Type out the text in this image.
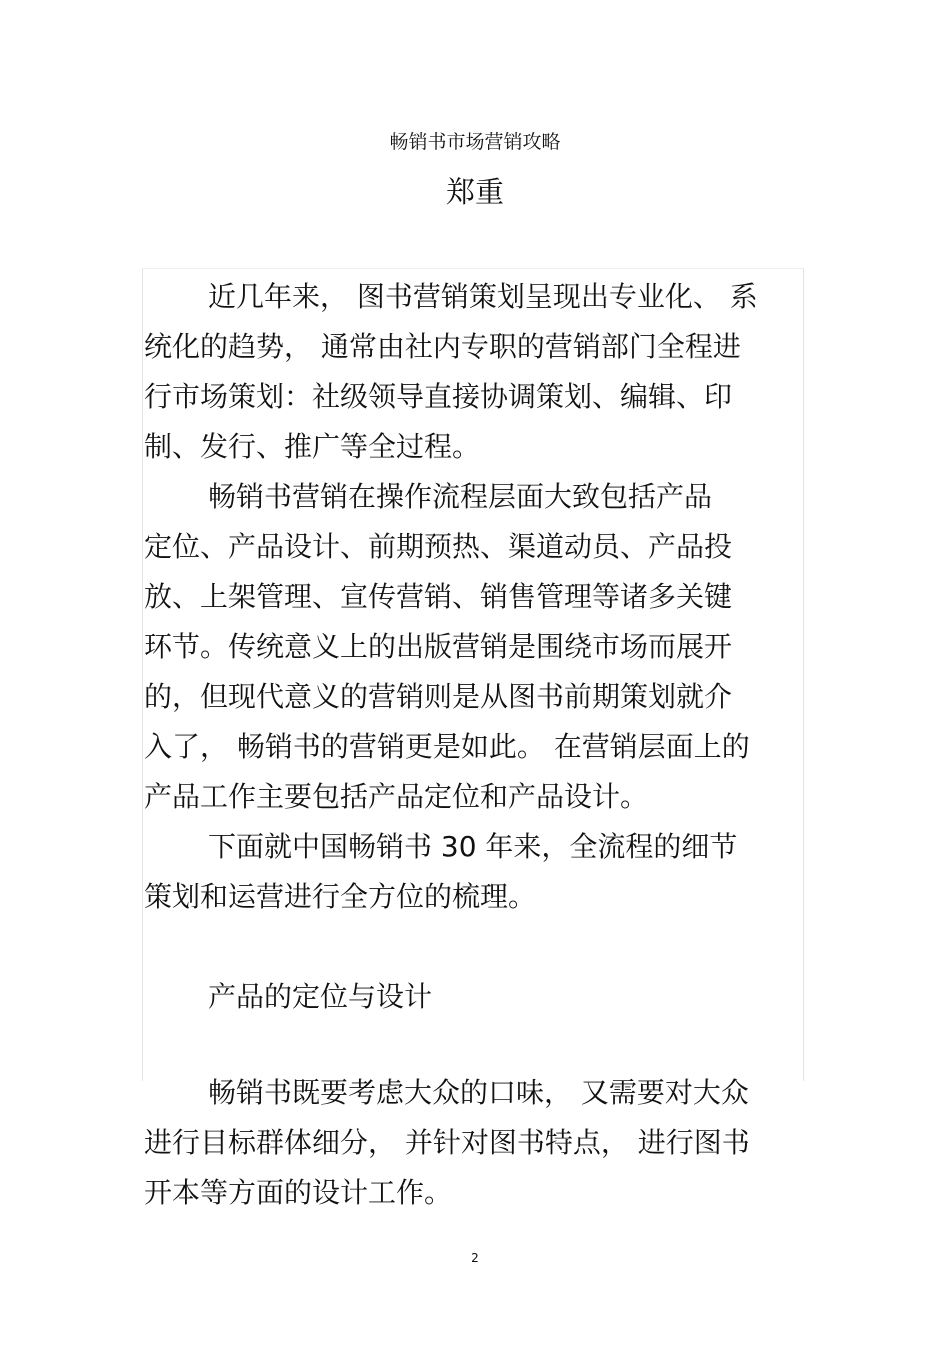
畅销书市场营销攻略
郑重

近几年来， 图书营销策划呈现出专业化、 系
统化的趋势， 通常由社内专职的营销部门全程进
行市场策划：社级领导直接协调策划、编辑、印
制、发行、推广等全过程。

畅销书营销在操作流程层面大致包括产品
定位、产品设计、前期预热、渠道动员、产品投
放、上架管理、宣传营销、销售管理等诸多关键
环节。传统意义上的出版营销是围绕市场而展开
的，但现代意义的营销则是从图书前期策划就介
入了， 畅销书的营销更是如此。 在营销层面上的
产品工作主要包括产品定位和产品设计。

下面就中国畅销书 30 年来，全流程的细节
策划和运营进行全方位的梳理。

产品的定位与设计

畅销书既要考虑大众的口味， 又需要对大众
进行目标群体细分， 并针对图书特点， 进行图书
开本等方面的设计工作。

2
